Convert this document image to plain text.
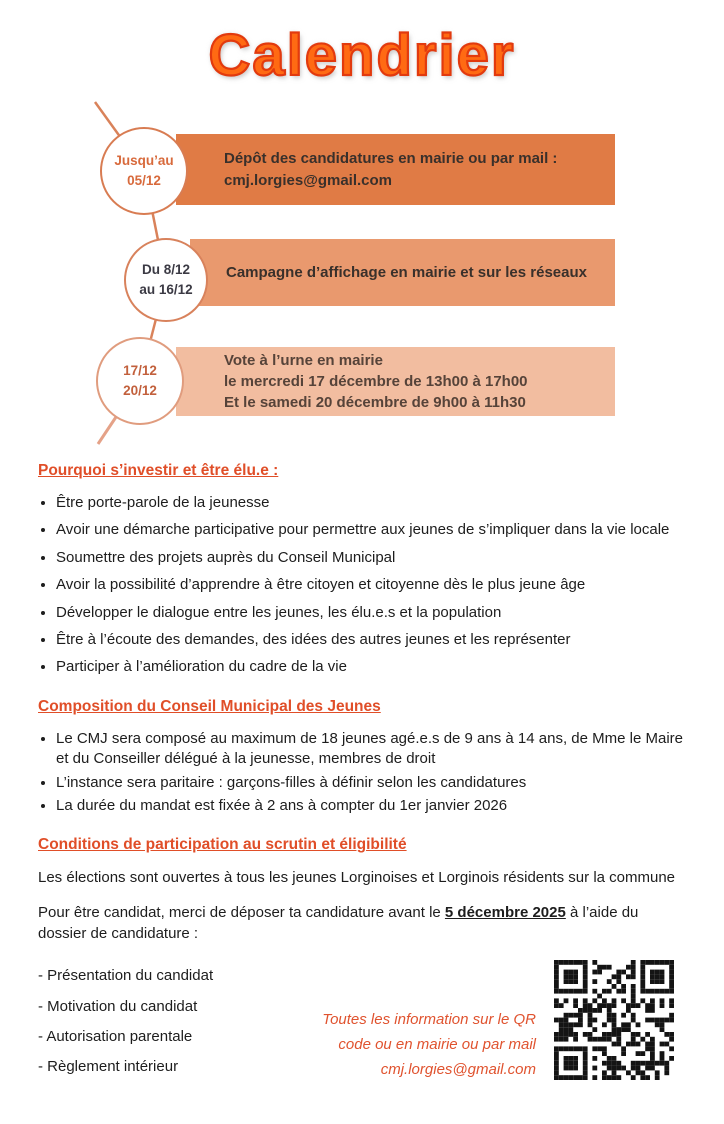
Calendrier
Dépôt des candidatures en mairie ou par mail :
cmj.lorgies@gmail.com
Campagne d’affichage en mairie et sur les réseaux
Vote à l’urne en mairie
le mercredi 17 décembre de 13h00 à 17h00
Et le samedi 20 décembre de 9h00 à 11h30
Jusqu’au
05/12
Du 8/12
au 16/12
17/12
20/12
Pourquoi s’investir et être élu.e :
• Être porte-parole de la jeunesse
• Avoir une démarche participative pour permettre aux jeunes de s’impliquer dans la vie locale
• Soumettre des projets auprès du Conseil Municipal
• Avoir la possibilité d’apprendre à être citoyen et citoyenne dès le plus jeune âge
• Développer le dialogue entre les jeunes, les élu.e.s et la population
• Être à l’écoute des demandes, des idées des autres jeunes et les représenter
• Participer à l’amélioration du cadre de la vie
Composition du Conseil Municipal des Jeunes
• Le CMJ sera composé au maximum de 18 jeunes agé.e.s de 9 ans à 14 ans, de Mme le Maire et du Conseiller délégué à la jeunesse, membres de droit
• L’instance sera paritaire : garçons-filles à définir selon les candidatures
• La durée du mandat est fixée à 2 ans à compter du 1er janvier 2026
Conditions de participation au scrutin et éligibilité
Les élections sont ouvertes à tous les jeunes Lorginoises et Lorginois résidents sur la commune
Pour être candidat, merci de déposer ta candidature avant le 5 décembre 2025 à l’aide du dossier de candidature :
- Présentation du candidat
- Motivation du candidat
- Autorisation parentale
- Règlement intérieur
Toutes les information sur le QR
code ou en mairie ou par mail
cmj.lorgies@gmail.com
